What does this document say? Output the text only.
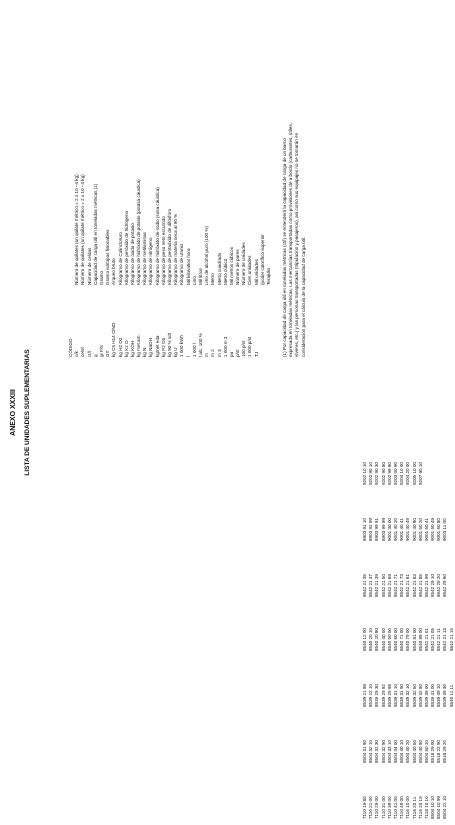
ANEXO XXXIII LISTA DE UNIDADES SUPLEMENTARIAS
7110 19 80 7110 21 00 7110 29 00 7110 31 00 7110 39 00 7110 41 00 7110 49 00 7116 10 00 7116 20 11 7116 20 19 7118 10 10 8504 10 10 8504 10 99 8504 22 10
8504 31 90 8504 32 10 8504 32 30 8504 32 90 8504 33 10 8504 34 00 8504 40 10 8504 40 20 8504 40 50 8504 40 90 8504 50 10 8518 29 00 8518 22 90 8518 29 20
8539 21 98 8539 22 10 8539 29 30 8539 29 92 8539 29 98 8539 31 10 8539 31 90 8539 32 10 8539 32 50 8539 32 90 8539 39 00 8539 41 00 8539 49 10 8539 49 30 8540 11 11
8540 12 00 8540 20 10 8540 20 80 8540 40 00 8540 50 00 8540 60 00 8540 71 00 8540 79 00 8540 81 00 8540 89 00 8542 21 01 8542 21 05 8542 21 11 8542 21 13 8542 21 15
8542 21 35 8542 21 37 8542 21 39 8542 21 50 8542 21 69 8542 21 71 8542 21 73 8542 21 81 8542 21 83 8542 21 85 8542 21 99 8542 29 10 8542 29 20 8542 29 60
8903 91 10 8903 92 99 8903 99 91 8903 99 99 9001 30 00 9001 40 20 9001 40 41 9001 40 49 9001 40 80 9001 50 20 9001 50 41 9001 50 49 9001 50 80 9003 11 00
9202 10 10 9202 90 10 9202 90 30 9202 90 80 9202 99 80 9203 00 90 9204 10 00 9204 20 00 9205 10 00 9207 90 10
CÓDIGO c/k ce/el ct/l g gi F/S GT kg C5 H14 ClNO kg H2 O2 kg K2 O kg KOH kg met.am. kg N kg NaOH kg/net eda kg P2 O5 kg 90 % sdt kg U 1 000 kWh l 1 000 l l alc. 100 % m m 2 m 3 1 000 m 3 pa p/st 100 p/st 1 000 p/st TJ
Número de quilates (un quilate métrico = 2 x 10 –4 kg) Número de quilates (un quilate métrico = 2 x 10 –4 kg) Número de celdas Capacidad de carga útil en toneladas métricas (1) Gramo Gramo isótopos fisionables Arqueo bruto Kilogramo de Colincloruro Kilogramo de peróxido de hidrógeno Kilogramo de óxido de potasio Kilogramo de hidróxido de potasio (potasa cáustica) Kilogramo de metilaminas Kilogramo de nitrógeno Kilogramo de hidróxido de sodio (sosa cáustica) Kilogramo de peso neto escurrido Kilogramo de pentaóxido de difósforo Kilogramo de materia seca al 90 % Kilogramo de uranio Mil kilovatios hora Litro Mil litros Litro de alcohol puro (100 %) Metro Metro cuadrado Metro cúbico Mil metros cúbicos Número de pares Número de unidades Cien unidades Mil unidades (poder calorífico superior Terajulio (1) Por capacidad de carga útil en toneladas métricas (ct/l) se entenderá la capacidad de carga de un barco expresada en toneladas métricas. Las mercancías transportadas como provisiones de a bordo (carburantes, útiles, víveres, etc.) y las personas transportadas (tripulación y pasajeros), así como sus equipajes no se tomarán en consideración para el cálculo de la capacidad de carga útil.
